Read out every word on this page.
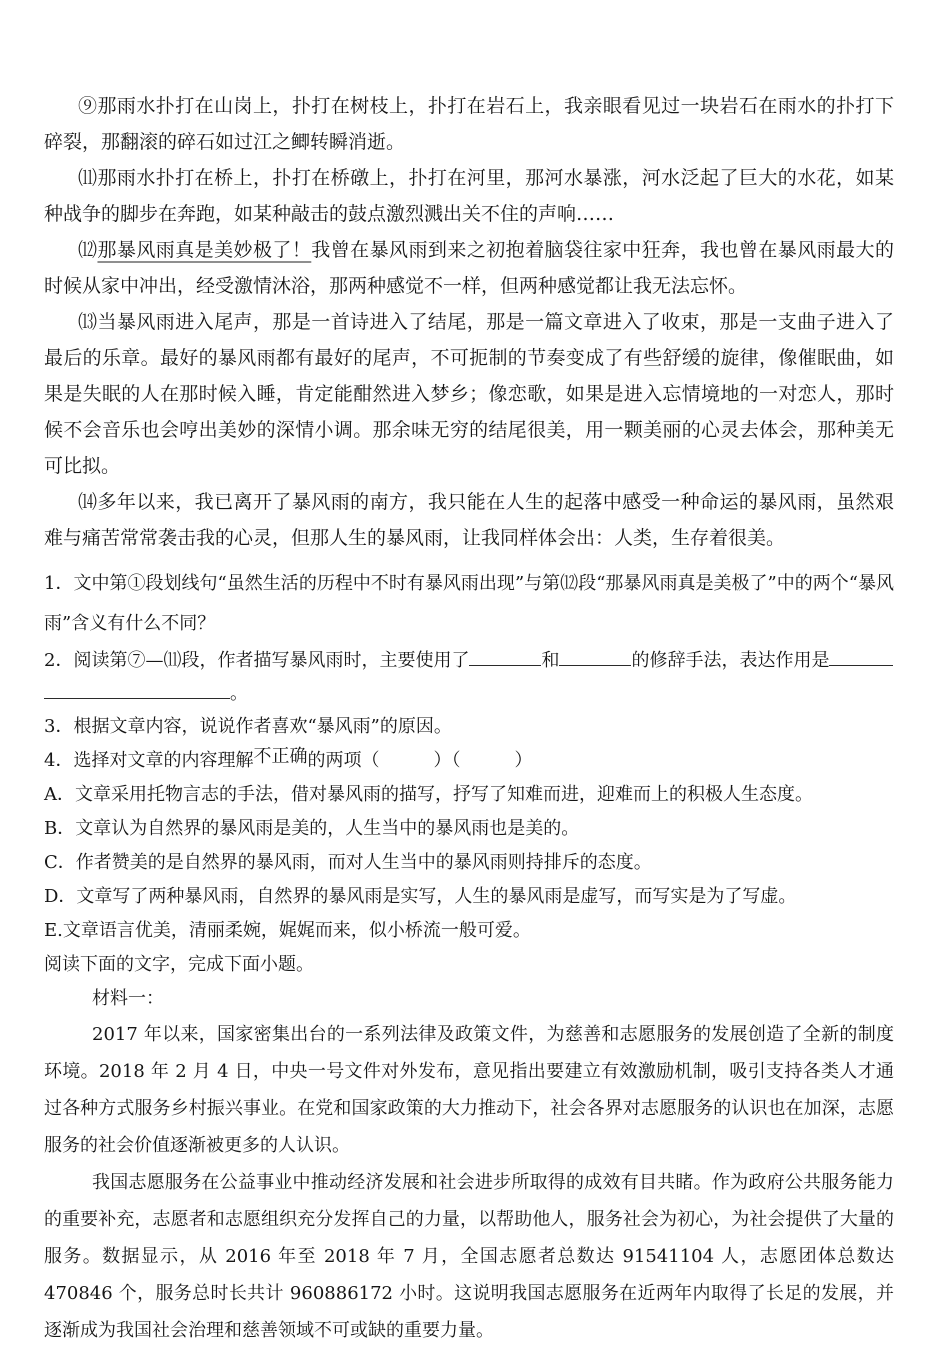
⑨那雨水扑打在山岗上，扑打在树枝上，扑打在岩石上，我亲眼看见过一块岩石在雨水的扑打下碎裂，那翻滚的碎石如过江之鲫转瞬消逝。

⑾那雨水扑打在桥上，扑打在桥礅上，扑打在河里，那河水暴涨，河水泛起了巨大的水花，如某种战争的脚步在奔跑，如某种敲击的鼓点激烈溅出关不住的声响……

⑿那暴风雨真是美妙极了！我曾在暴风雨到来之初抱着脑袋往家中狂奔，我也曾在暴风雨最大的时候从家中冲出，经受激情沐浴，那两种感觉不一样，但两种感觉都让我无法忘怀。

⒀当暴风雨进入尾声，那是一首诗进入了结尾，那是一篇文章进入了收束，那是一支曲子进入了最后的乐章。最好的暴风雨都有最好的尾声，不可扼制的节奏变成了有些舒缓的旋律，像催眠曲，如果是失眠的人在那时候入睡，肯定能酣然进入梦乡；像恋歌，如果是进入忘情境地的一对恋人，那时候不会音乐也会哼出美妙的深情小调。那余味无穷的结尾很美，用一颗美丽的心灵去体会，那种美无可比拟。

⒁多年以来，我已离开了暴风雨的南方，我只能在人生的起落中感受一种命运的暴风雨，虽然艰难与痛苦常常袭击我的心灵，但那人生的暴风雨，让我同样体会出：人类，生存着很美。

1．文中第①段划线句“虽然生活的历程中不时有暴风雨出现”与第⑿段“那暴风雨真是美极了”中的两个“暴风雨”含义有什么不同？

2．阅读第⑦—⑾段，作者描写暴风雨时，主要使用了	和	的修辞手法，表达作用是
。

3．根据文章内容，说说作者喜欢“暴风雨”的原因。

4．选择对文章的内容理解不正确的两项（　　　）（　　　）

A．文章采用托物言志的手法，借对暴风雨的描写，抒写了知难而进，迎难而上的积极人生态度。

B．文章认为自然界的暴风雨是美的，人生当中的暴风雨也是美的。

C．作者赞美的是自然界的暴风雨，而对人生当中的暴风雨则持排斥的态度。

D．文章写了两种暴风雨，自然界的暴风雨是实写，人生的暴风雨是虚写，而写实是为了写虚。

E.文章语言优美，清丽柔婉，娓娓而来，似小桥流一般可爱。

阅读下面的文字，完成下面小题。

材料一：

2017 年以来，国家密集出台的一系列法律及政策文件，为慈善和志愿服务的发展创造了全新的制度环境。2018 年 2 月 4 日，中央一号文件对外发布，意见指出要建立有效激励机制，吸引支持各类人才通过各种方式服务乡村振兴事业。在党和国家政策的大力推动下，社会各界对志愿服务的认识也在加深，志愿服务的社会价值逐渐被更多的人认识。

我国志愿服务在公益事业中推动经济发展和社会进步所取得的成效有目共睹。作为政府公共服务能力的重要补充，志愿者和志愿组织充分发挥自己的力量，以帮助他人，服务社会为初心，为社会提供了大量的服务。数据显示，从 2016 年至 2018 年 7 月，全国志愿者总数达 91541104 人，志愿团体总数达 470846 个，服务总时长共计 960886172 小时。这说明我国志愿服务在近两年内取得了长足的发展，并逐渐成为我国社会治理和慈善领域不可或缺的重要力量。
